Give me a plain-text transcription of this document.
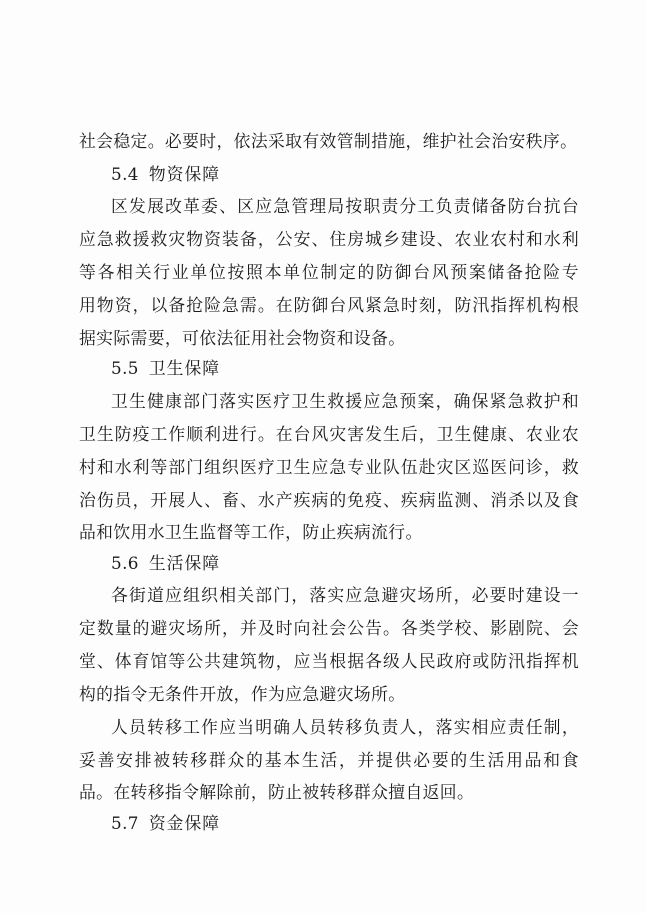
社会稳定。必要时，依法采取有效管制措施，维护社会治安秩序。
5.4 物资保障
区发展改革委、区应急管理局按职责分工负责储备防台抗台
应急救援救灾物资装备，公安、住房城乡建设、农业农村和水利
等各相关行业单位按照本单位制定的防御台风预案储备抢险专
用物资，以备抢险急需。在防御台风紧急时刻，防汛指挥机构根
据实际需要，可依法征用社会物资和设备。
5.5 卫生保障
卫生健康部门落实医疗卫生救援应急预案，确保紧急救护和
卫生防疫工作顺利进行。在台风灾害发生后，卫生健康、农业农
村和水利等部门组织医疗卫生应急专业队伍赴灾区巡医问诊，救
治伤员，开展人、畜、水产疾病的免疫、疾病监测、消杀以及食
品和饮用水卫生监督等工作，防止疾病流行。
5.6 生活保障
各街道应组织相关部门，落实应急避灾场所，必要时建设一
定数量的避灾场所，并及时向社会公告。各类学校、影剧院、会
堂、体育馆等公共建筑物，应当根据各级人民政府或防汛指挥机
构的指令无条件开放，作为应急避灾场所。
人员转移工作应当明确人员转移负责人，落实相应责任制，
妥善安排被转移群众的基本生活，并提供必要的生活用品和食
品。在转移指令解除前，防止被转移群众擅自返回。
5.7 资金保障
